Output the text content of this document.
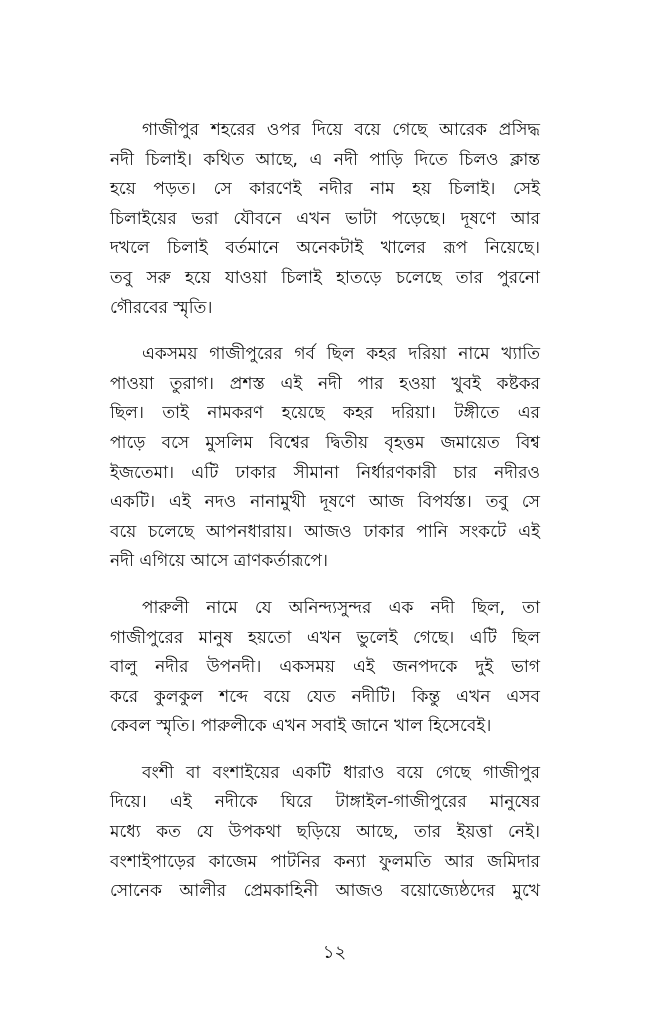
গাজীপুর শহরের ওপর দিয়ে বয়ে গেছে আরেক প্রসিদ্ধ
নদী চিলাই। কথিত আছে, এ নদী পাড়ি দিতে চিলও ক্লান্ত
হয়ে পড়ত। সে কারণেই নদীর নাম হয় চিলাই। সেই
চিলাইয়ের ভরা যৌবনে এখন ভাটা পড়েছে। দূষণে আর
দখলে চিলাই বর্তমানে অনেকটাই খালের রূপ নিয়েছে।
তবু সরু হয়ে যাওয়া চিলাই হাতড়ে চলেছে তার পুরনো
গৌরবের স্মৃতি।
একসময় গাজীপুরের গর্ব ছিল কহর দরিয়া নামে খ্যাতি
পাওয়া তুরাগ। প্রশস্ত এই নদী পার হওয়া খুবই কষ্টকর
ছিল। তাই নামকরণ হয়েছে কহর দরিয়া। টঙ্গীতে এর
পাড়ে বসে মুসলিম বিশ্বের দ্বিতীয় বৃহত্তম জমায়েত বিশ্ব
ইজতেমা। এটি ঢাকার সীমানা নির্ধারণকারী চার নদীরও
একটি। এই নদও নানামুখী দূষণে আজ বিপর্যস্ত। তবু সে
বয়ে চলেছে আপনধারায়। আজও ঢাকার পানি সংকটে এই
নদী এগিয়ে আসে ত্রাণকর্তারূপে।
পারুলী নামে যে অনিন্দ্যসুন্দর এক নদী ছিল, তা
গাজীপুরের মানুষ হয়তো এখন ভুলেই গেছে। এটি ছিল
বালু নদীর উপনদী। একসময় এই জনপদকে দুই ভাগ
করে কুলকুল শব্দে বয়ে যেত নদীটি। কিন্তু এখন এসব
কেবল স্মৃতি। পারুলীকে এখন সবাই জানে খাল হিসেবেই।
বংশী বা বংশাইয়ের একটি ধারাও বয়ে গেছে গাজীপুর
দিয়ে। এই নদীকে ঘিরে টাঙ্গাইল-গাজীপুরের মানুষের
মধ্যে কত যে উপকথা ছড়িয়ে আছে, তার ইয়ত্তা নেই।
বংশাইপাড়ের কাজেম পাটনির কন্যা ফুলমতি আর জমিদার
সোনেক আলীর প্রেমকাহিনী আজও বয়োজ্যেষ্ঠদের মুখে
১২
